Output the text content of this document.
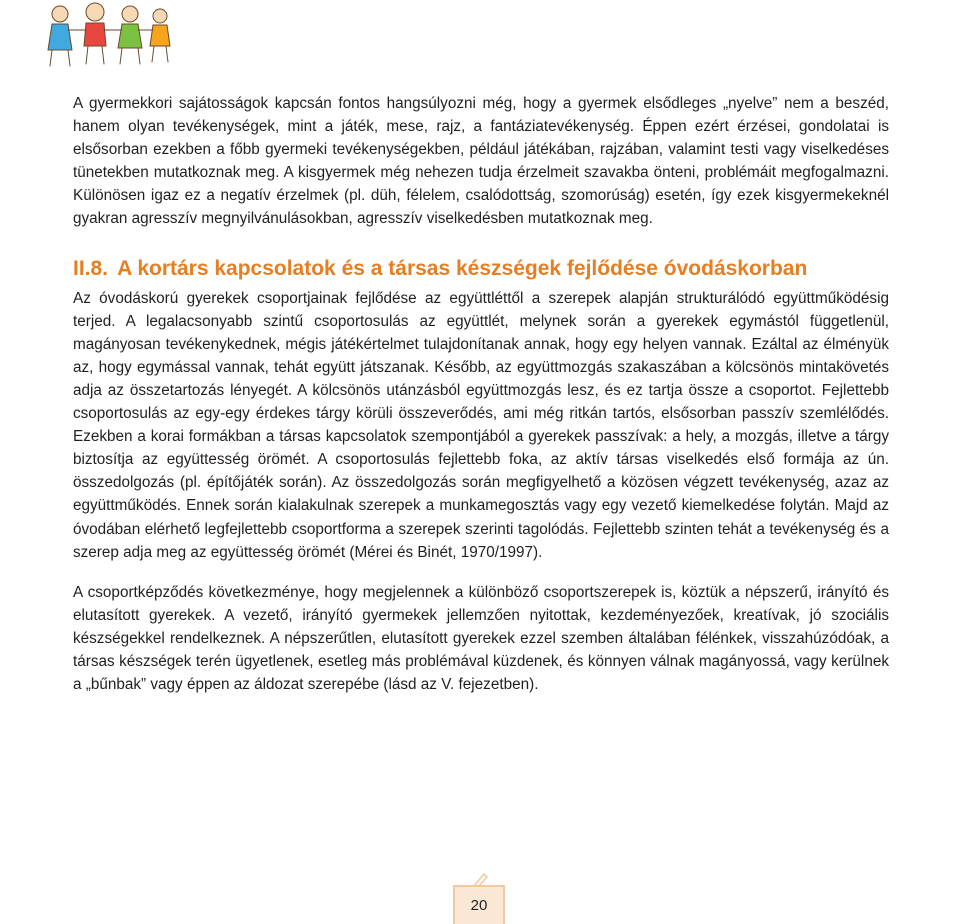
A gyermekkori sajátosságok kapcsán fontos hangsúlyozni még, hogy a gyermek elsődleges „nyelve” nem a beszéd, hanem olyan tevékenységek, mint a játék, mese, rajz, a fantáziatevékenység. Éppen ezért érzései, gondolatai is elsősorban ezekben a főbb gyermeki tevékenységekben, például játékában, rajzában, valamint testi vagy viselkedéses tünetekben mutatkoznak meg. A kisgyermek még nehezen tudja érzelmeit szavakba önteni, problémáit megfogalmazni. Különösen igaz ez a negatív érzelmek (pl. düh, félelem, csalódottság, szomorúság) esetén, így ezek kisgyermekeknél gyakran agresszív megnyilvánulásokban, agresszív viselkedésben mutatkoznak meg.

II.8. A kortárs kapcsolatok és a társas készségek fejlődése óvodáskorban

Az óvodáskorú gyerekek csoportjainak fejlődése az együttléttől a szerepek alapján strukturálódó együttműködésig terjed. A legalacsonyabb szintű csoportosulás az együttlét, melynek során a gyerekek egymástól függetlenül, magányosan tevékenykednek, mégis játékértelmet tulajdonítanak annak, hogy egy helyen vannak. Ezáltal az élményük az, hogy egymással vannak, tehát együtt játszanak. Később, az együttmozgás szakaszában a kölcsönös mintakövetés adja az összetartozás lényegét. A kölcsönös utánzásból együttmozgás lesz, és ez tartja össze a csoportot. Fejlettebb csoportosulás az egy-egy érdekes tárgy körüli összeverődés, ami még ritkán tartós, elsősorban passzív szemlélődés. Ezekben a korai formákban a társas kapcsolatok szempontjából a gyerekek passzívak: a hely, a mozgás, illetve a tárgy biztosítja az együttesség örömét. A csoportosulás fejlettebb foka, az aktív társas viselkedés első formája az ún. összedolgozás (pl. építőjáték során). Az összedolgozás során megfigyelhető a közösen végzett tevékenység, azaz az együttműködés. Ennek során kialakulnak szerepek a munkamegosztás vagy egy vezető kiemelkedése folytán. Majd az óvodában elérhető legfejlettebb csoportforma a szerepek szerinti tagolódás. Fejlettebb szinten tehát a tevékenység és a szerep adja meg az együttesség örömét (Mérei és Binét, 1970/1997).

A csoportképződés következménye, hogy megjelennek a különböző csoportszerepek is, köztük a népszerű, irányító és elutasított gyerekek. A vezető, irányító gyermekek jellemzően nyitottak, kezdeményezőek, kreatívak, jó szociális készségekkel rendelkeznek. A népszerűtlen, elutasított gyerekek ezzel szemben általában félénkek, visszahúzódóak, a társas készségek terén ügyetlenek, esetleg más problémával küzdenek, és könnyen válnak magányossá, vagy kerülnek a „bűnbak” vagy éppen az áldozat szerepébe (lásd az V. fejezetben).

20
